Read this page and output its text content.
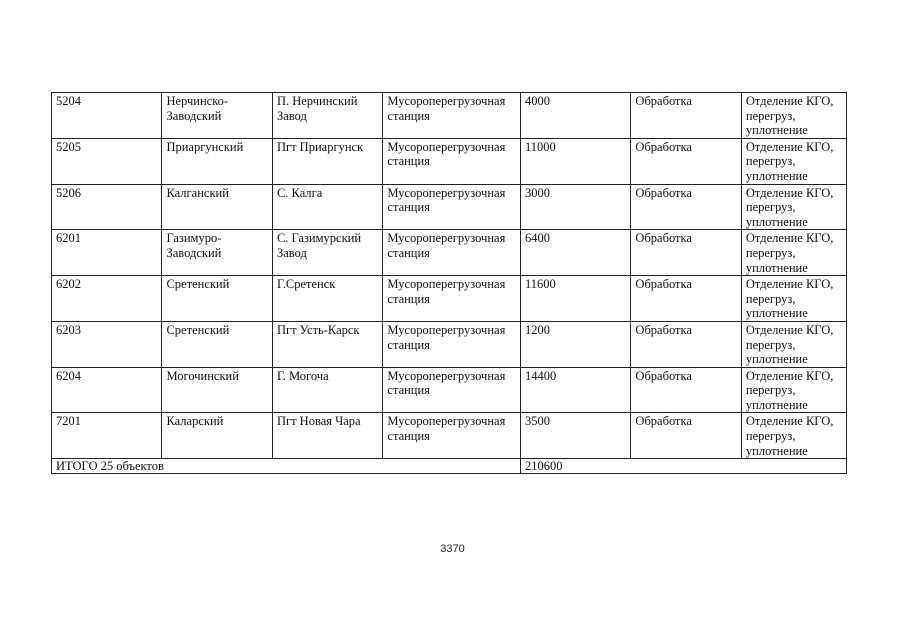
5204	Нерчинско-Заводский	П. Нерчинский Завод	Мусороперегрузочная станция	4000	Обработка	Отделение КГО, перегруз, уплотнение

5205	Приаргунский	Пгт Приаргунск	Мусороперегрузочная станция	11000	Обработка	Отделение КГО, перегруз, уплотнение

5206	Калганский	С. Калга	Мусороперегрузочная станция	3000	Обработка	Отделение КГО, перегруз, уплотнение

6201	Газимуро-Заводский	С. Газимурский Завод	Мусороперегрузочная станция	6400	Обработка	Отделение КГО, перегруз, уплотнение

6202	Сретенский	Г.Сретенск	Мусороперегрузочная станция	11600	Обработка	Отделение КГО, перегруз, уплотнение

6203	Сретенский	Пгт Усть-Карск	Мусороперегрузочная станция	1200	Обработка	Отделение КГО, перегруз, уплотнение

6204	Могочинский	Г. Могоча	Мусороперегрузочная станция	14400	Обработка	Отделение КГО, перегруз, уплотнение

7201	Каларский	Пгт Новая Чара	Мусороперегрузочная станция	3500	Обработка	Отделение КГО, перегруз, уплотнение

ИТОГО 25 объектов				210600		
3370
